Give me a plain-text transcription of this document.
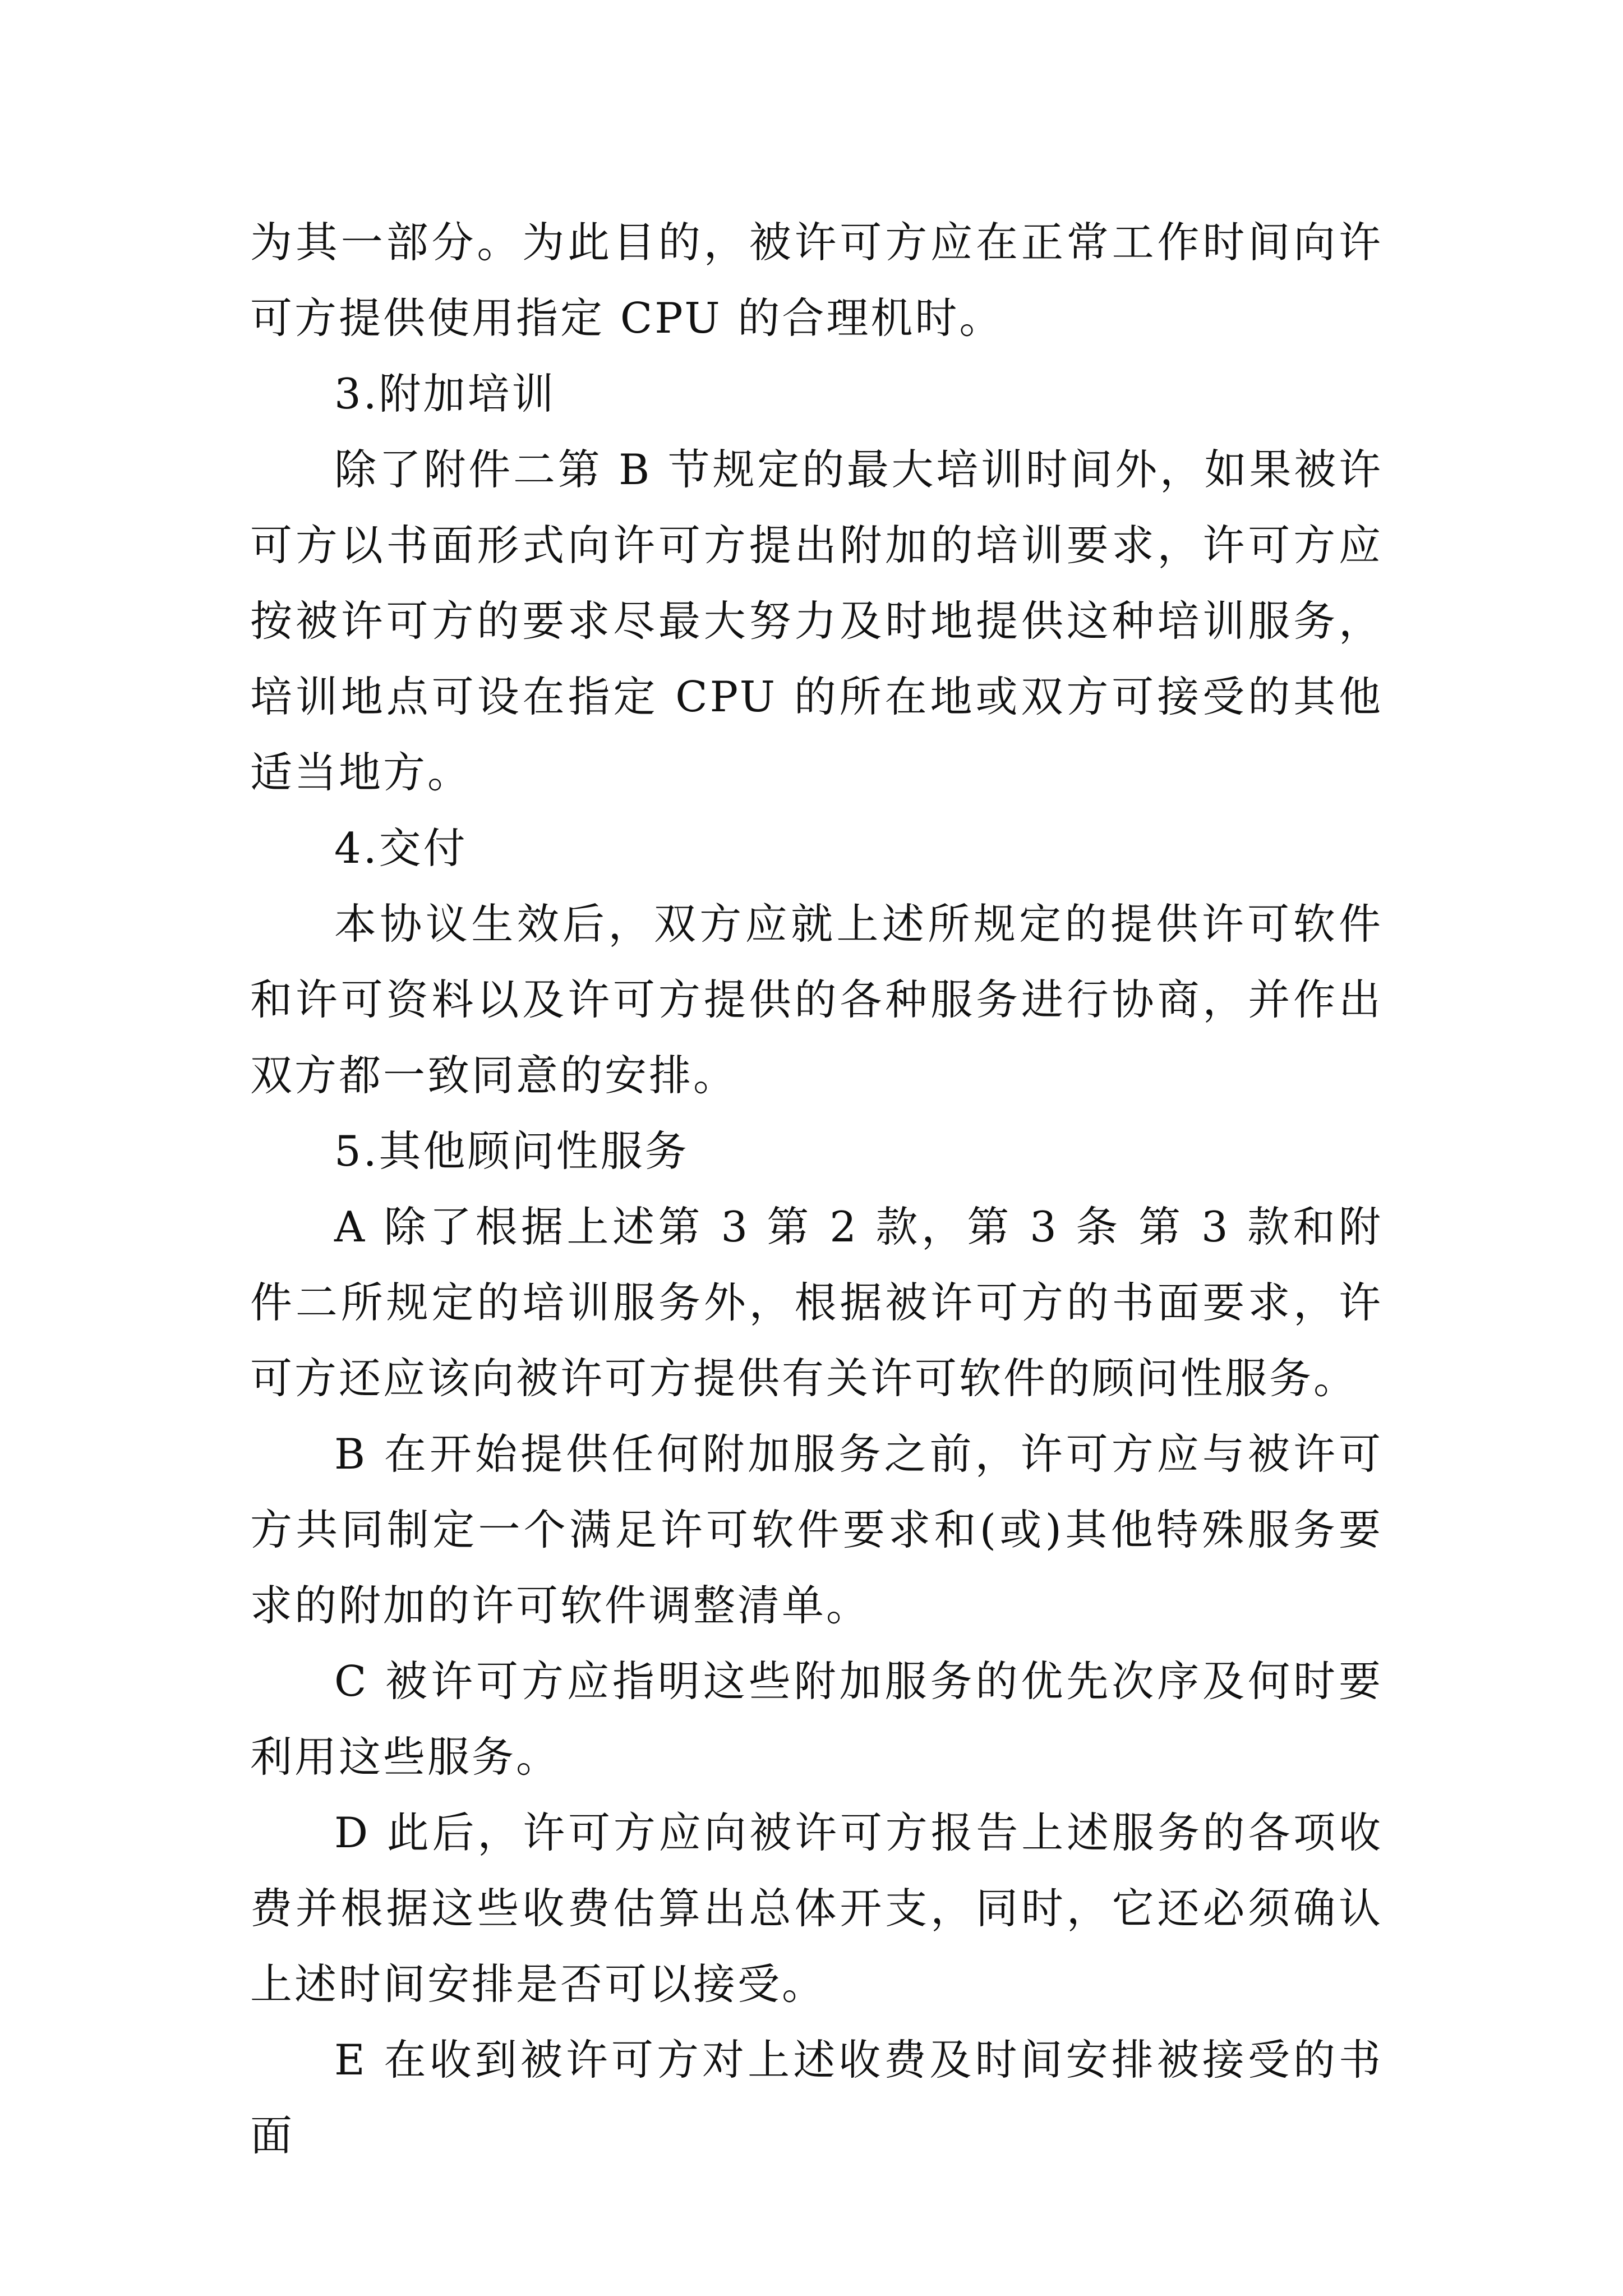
为其一部分。为此目的，被许可方应在正常工作时间向许可方提供使用指定 CPU 的合理机时。

3.附加培训

除了附件二第 B 节规定的最大培训时间外，如果被许可方以书面形式向许可方提出附加的培训要求，许可方应按被许可方的要求尽最大努力及时地提供这种培训服务，培训地点可设在指定 CPU 的所在地或双方可接受的其他适当地方。

4.交付

本协议生效后，双方应就上述所规定的提供许可软件和许可资料以及许可方提供的各种服务进行协商，并作出双方都一致同意的安排。

5.其他顾问性服务

A 除了根据上述第 3 第 2 款，第 3 条 第 3 款和附件二所规定的培训服务外，根据被许可方的书面要求，许可方还应该向被许可方提供有关许可软件的顾问性服务。

B 在开始提供任何附加服务之前，许可方应与被许可方共同制定一个满足许可软件要求和(或)其他特殊服务要求的附加的许可软件调整清单。

C 被许可方应指明这些附加服务的优先次序及何时要利用这些服务。

D 此后，许可方应向被许可方报告上述服务的各项收费并根据这些收费估算出总体开支，同时，它还必须确认上述时间安排是否可以接受。

E 在收到被许可方对上述收费及时间安排被接受的书面
